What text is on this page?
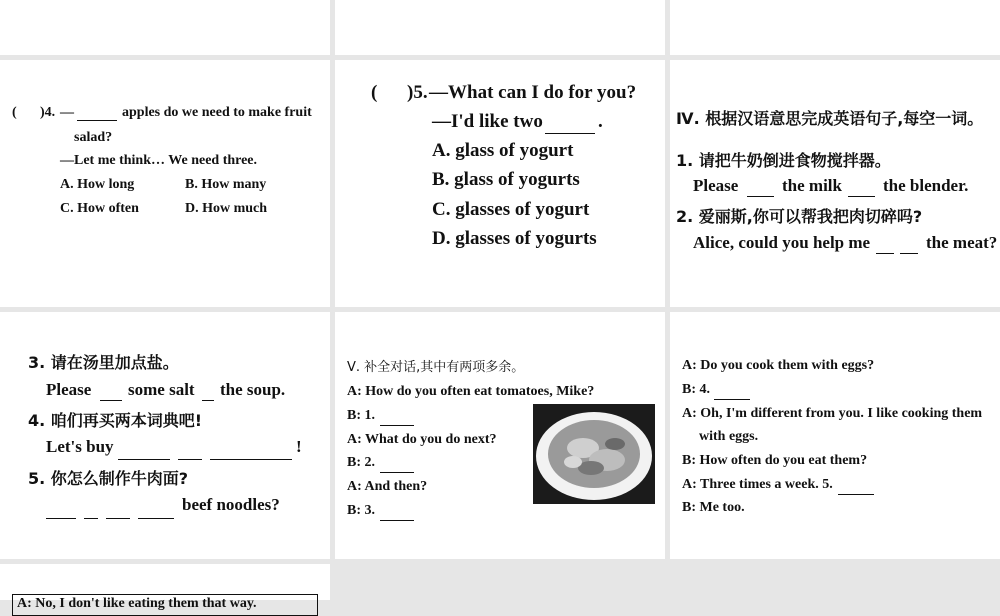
( )4. —	apples do we need to make fruit
salad?
—Let me think… We need three.
A. How long	B. How many
C. How often	D. How much
( )5. —What can I do for you?
—I'd like two	.
A. glass of yogurt
B. glass of yogurts
C. glasses of yogurt
D. glasses of yogurts
Ⅳ. 根据汉语意思完成英语句子,每空一词。
1. 请把牛奶倒进食物搅拌器。
Please	the milk the blender.
2. 爱丽斯,你可以帮我把肉切碎吗?
Alice, could you help me	the meat?
3. 请在汤里加点盐。
Please some salt the soup.
4. 咱们再买两本词典吧!
Let's buy	!
5. 你怎么制作牛肉面?
beef noodles?
Ⅴ. 补全对话,其中有两项多余。
A: How do you often eat tomatoes, Mike?
B: 1.
A: What do you do next?
B: 2.
A: And then?
B: 3.
A: Do you cook them with eggs?
B: 4.
A: Oh, I'm different from you. I like cooking them
with eggs.
B: How often do you eat them?
A: Three times a week. 5.
B: Me too.
A: No, I don't like eating them that way.
